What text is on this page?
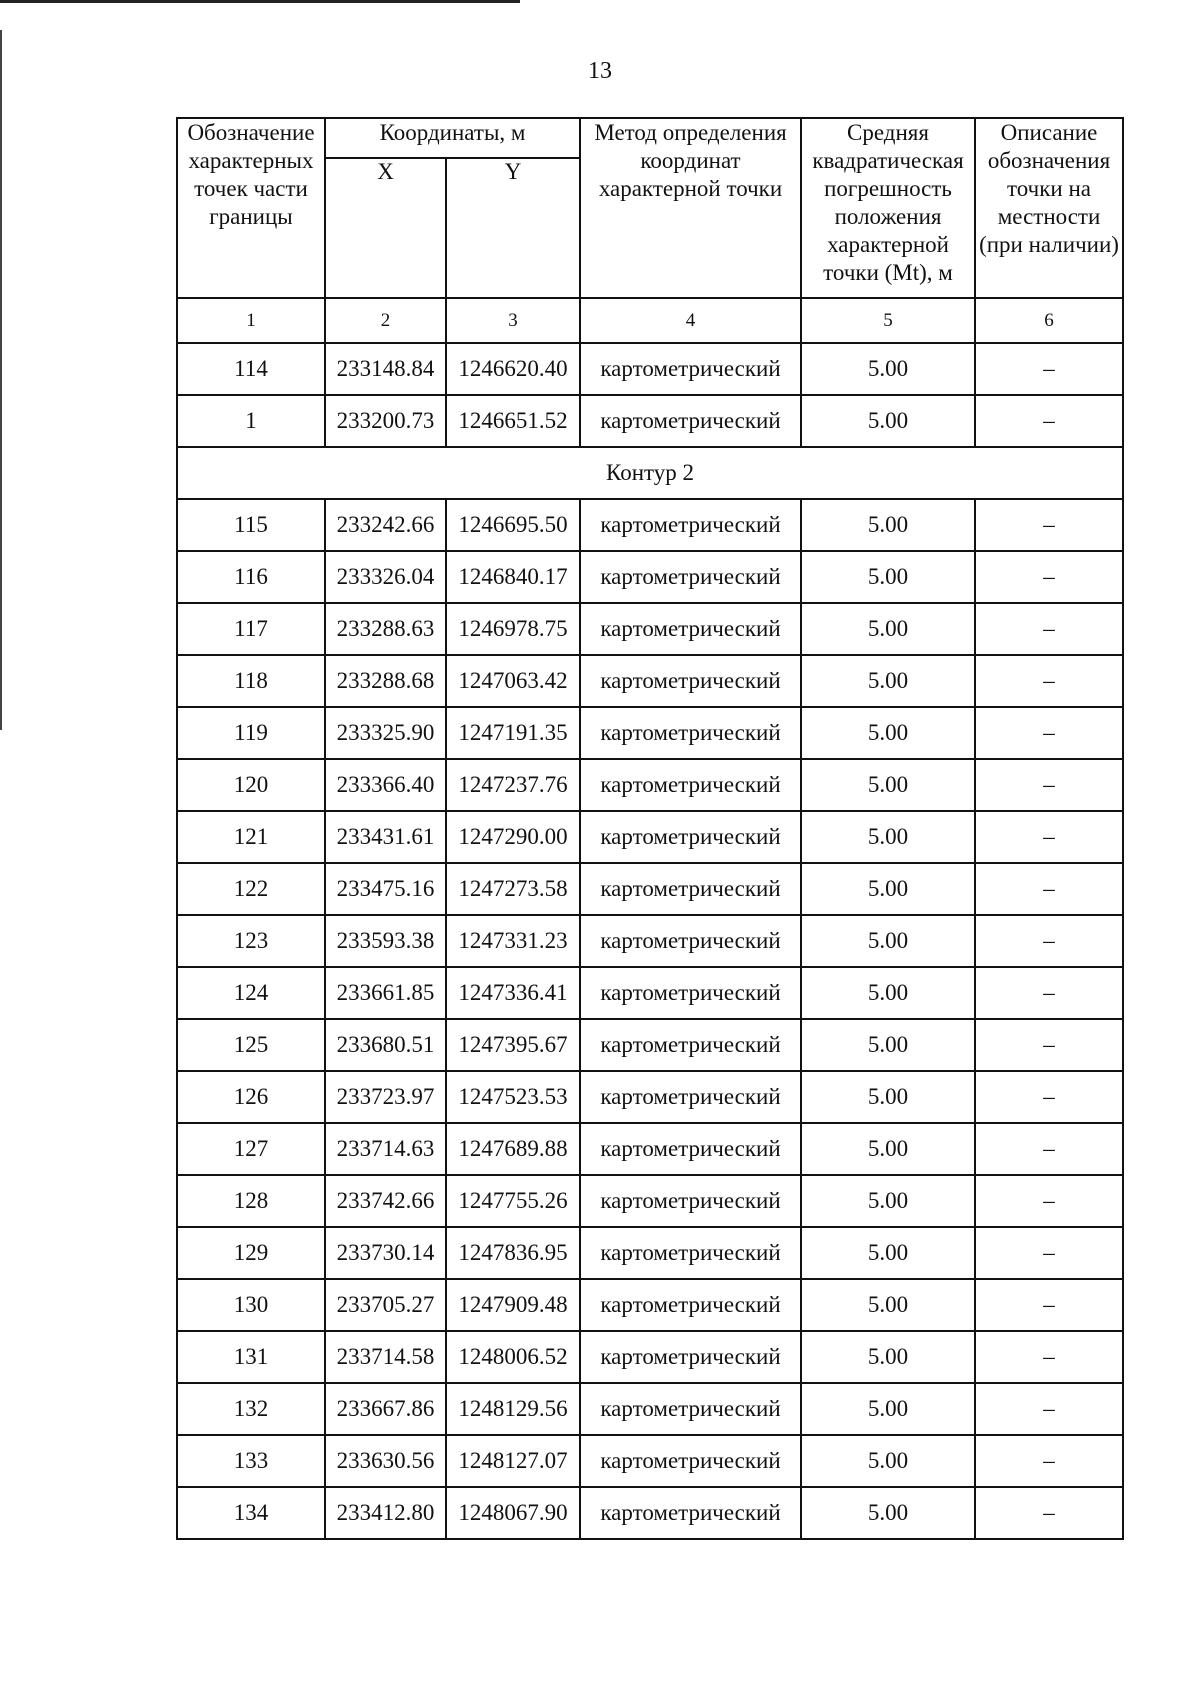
13
Обозначение характерных точек части границы	Координаты, м		Метод определения координат характерной точки	Средняя квадратическая погрешность положения характерной точки (Mt), м	Описание обозначения точки на местности (при наличии)
	X	Y			
1	2	3	4	5	6
114	233148.84	1246620.40	картометрический	5.00	–
1	233200.73	1246651.52	картометрический	5.00	–
Контур 2					
115	233242.66	1246695.50	картометрический	5.00	–
116	233326.04	1246840.17	картометрический	5.00	–
117	233288.63	1246978.75	картометрический	5.00	–
118	233288.68	1247063.42	картометрический	5.00	–
119	233325.90	1247191.35	картометрический	5.00	–
120	233366.40	1247237.76	картометрический	5.00	–
121	233431.61	1247290.00	картометрический	5.00	–
122	233475.16	1247273.58	картометрический	5.00	–
123	233593.38	1247331.23	картометрический	5.00	–
124	233661.85	1247336.41	картометрический	5.00	–
125	233680.51	1247395.67	картометрический	5.00	–
126	233723.97	1247523.53	картометрический	5.00	–
127	233714.63	1247689.88	картометрический	5.00	–
128	233742.66	1247755.26	картометрический	5.00	–
129	233730.14	1247836.95	картометрический	5.00	–
130	233705.27	1247909.48	картометрический	5.00	–
131	233714.58	1248006.52	картометрический	5.00	–
132	233667.86	1248129.56	картометрический	5.00	–
133	233630.56	1248127.07	картометрический	5.00	–
134	233412.80	1248067.90	картометрический	5.00	–
